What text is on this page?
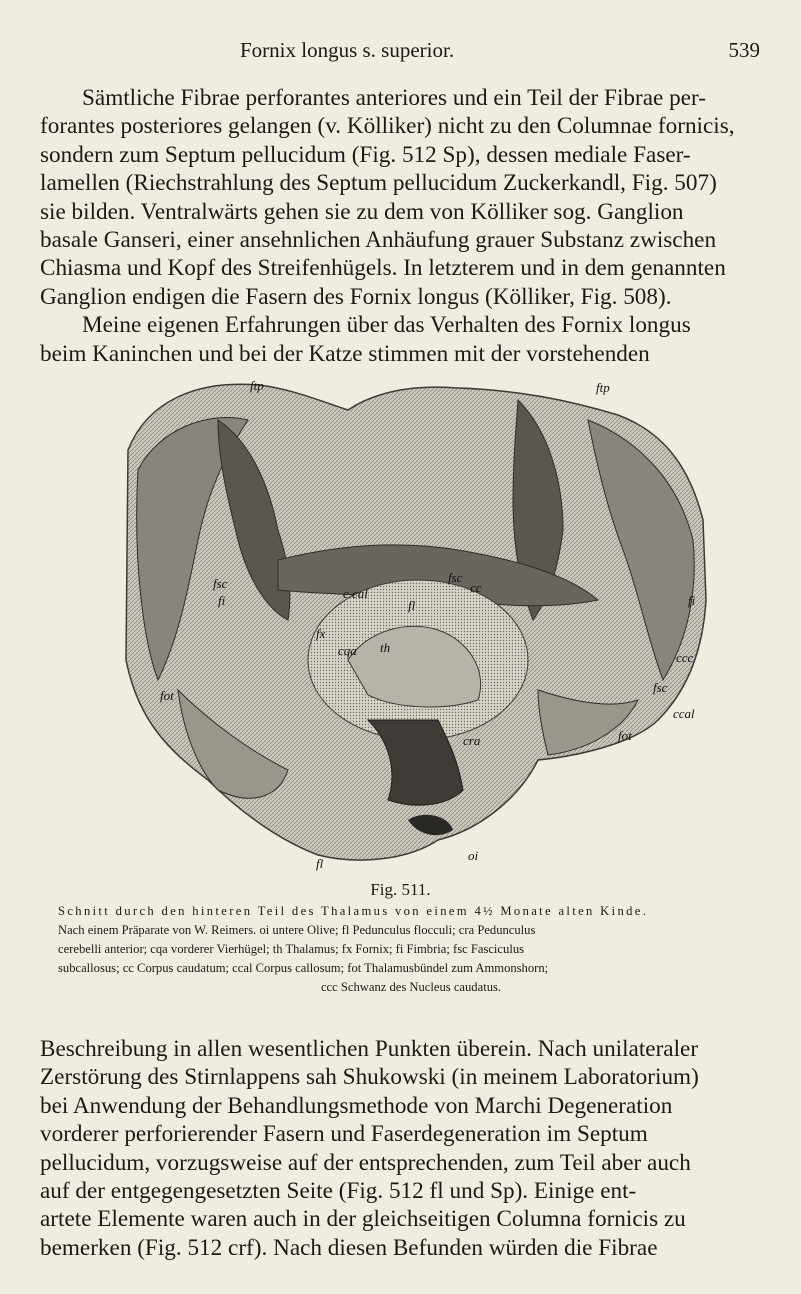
Fornix longus s. superior.	539
Sämtliche Fibrae perforantes anteriores und ein Teil der Fibrae per-
forantes posteriores gelangen (v. Kölliker) nicht zu den Columnae fornicis,
sondern zum Septum pellucidum (Fig. 512 Sp), dessen mediale Faser-
lamellen (Riechstrahlung des Septum pellucidum Zuckerkandl, Fig. 507)
sie bilden. Ventralwärts gehen sie zu dem von Kölliker sog. Ganglion
basale Ganseri, einer ansehnlichen Anhäufung grauer Substanz zwischen
Chiasma und Kopf des Streifenhügels. In letzterem und in dem genannten
Ganglion endigen die Fasern des Fornix longus (Kölliker, Fig. 508).
Meine eigenen Erfahrungen über das Verhalten des Fornix longus
beim Kaninchen und bei der Katze stimmen mit der vorstehenden
ftp	ftp
fsc
fi	c cal
fsc
cc
fl
fx
cqa th
fi
ccc
fsc
ccal
cra
fot
fot
oi
fl
Fig. 511.
Schnitt durch den hinteren Teil des Thalamus von einem 4½ Monate alten Kinde.
Nach einem Präparate von W. Reimers. oi untere Olive; fl Pedunculus flocculi; cra Pedunculus
cerebelli anterior; cqa vorderer Vierhügel; th Thalamus; fx Fornix; fi Fimbria; fsc Fasciculus
subcallosus; cc Corpus caudatum; ccal Corpus callosum; fot Thalamusbündel zum Ammonshorn;
ccc Schwanz des Nucleus caudatus.
Beschreibung in allen wesentlichen Punkten überein. Nach unilateraler
Zerstörung des Stirnlappens sah Shukowski (in meinem Laboratorium)
bei Anwendung der Behandlungsmethode von Marchi Degeneration
vorderer perforierender Fasern und Faserdegeneration im Septum
pellucidum, vorzugsweise auf der entsprechenden, zum Teil aber auch
auf der entgegengesetzten Seite (Fig. 512 fl und Sp). Einige ent-
artete Elemente waren auch in der gleichseitigen Columna fornicis zu
bemerken (Fig. 512 crf). Nach diesen Befunden würden die Fibrae
